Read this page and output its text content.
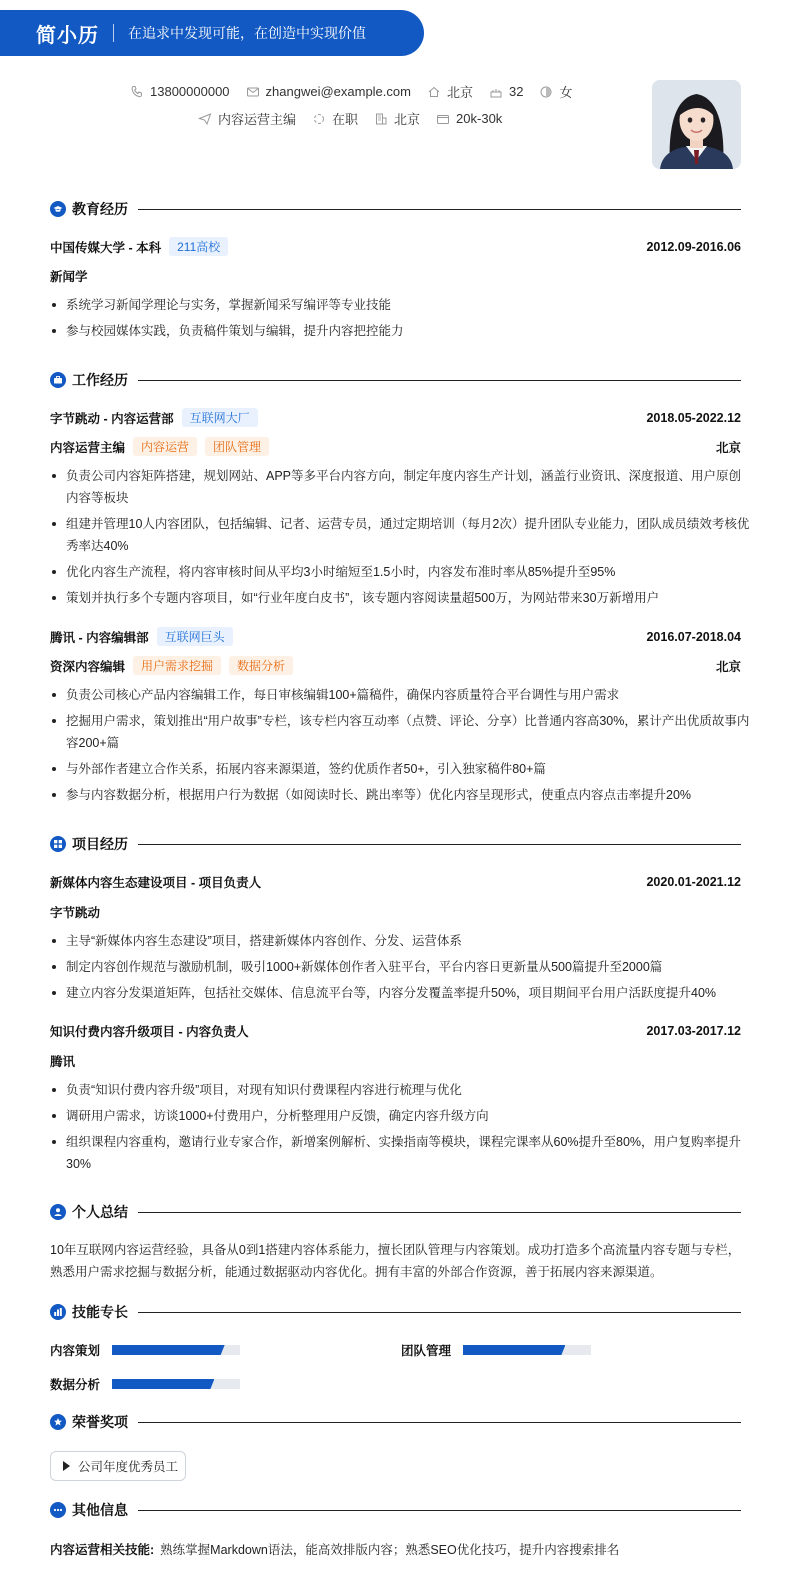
简小历 在追求中发现可能，在创造中实现价值
13800000000	zhangwei@example.com	北京	32	女
内容运营主编	在职	北京	20k-30k
教育经历
中国传媒大学 - 本科	211高校	2012.09-2016.06
新闻学
系统学习新闻学理论与实务，掌握新闻采写编评等专业技能
参与校园媒体实践，负责稿件策划与编辑，提升内容把控能力
工作经历
字节跳动 - 内容运营部	互联网大厂	2018.05-2022.12
内容运营主编	内容运营	团队管理	北京
负责公司内容矩阵搭建，规划网站、APP等多平台内容方向，制定年度内容生产计划，涵盖行业资讯、深度报道、用户原创内容等板块
组建并管理10人内容团队，包括编辑、记者、运营专员，通过定期培训（每月2次）提升团队专业能力，团队成员绩效考核优秀率达40%
优化内容生产流程，将内容审核时间从平均3小时缩短至1.5小时，内容发布准时率从85%提升至95%
策划并执行多个专题内容项目，如“行业年度白皮书”，该专题内容阅读量超500万，为网站带来30万新增用户
腾讯 - 内容编辑部	互联网巨头	2016.07-2018.04
资深内容编辑	用户需求挖掘	数据分析	北京
负责公司核心产品内容编辑工作，每日审核编辑100+篇稿件，确保内容质量符合平台调性与用户需求
挖掘用户需求，策划推出“用户故事”专栏，该专栏内容互动率（点赞、评论、分享）比普通内容高30%，累计产出优质故事内容200+篇
与外部作者建立合作关系，拓展内容来源渠道，签约优质作者50+，引入独家稿件80+篇
参与内容数据分析，根据用户行为数据（如阅读时长、跳出率等）优化内容呈现形式，使重点内容点击率提升20%
项目经历
新媒体内容生态建设项目 - 项目负责人	2020.01-2021.12
字节跳动
主导“新媒体内容生态建设”项目，搭建新媒体内容创作、分发、运营体系
制定内容创作规范与激励机制，吸引1000+新媒体创作者入驻平台，平台内容日更新量从500篇提升至2000篇
建立内容分发渠道矩阵，包括社交媒体、信息流平台等，内容分发覆盖率提升50%，项目期间平台用户活跃度提升40%
知识付费内容升级项目 - 内容负责人	2017.03-2017.12
腾讯
负责“知识付费内容升级”项目，对现有知识付费课程内容进行梳理与优化
调研用户需求，访谈1000+付费用户，分析整理用户反馈，确定内容升级方向
组织课程内容重构，邀请行业专家合作，新增案例解析、实操指南等模块，课程完课率从60%提升至80%，用户复购率提升30%
个人总结
10年互联网内容运营经验，具备从0到1搭建内容体系能力，擅长团队管理与内容策划。成功打造多个高流量内容专题与专栏，熟悉用户需求挖掘与数据分析，能通过数据驱动内容优化。拥有丰富的外部合作资源，善于拓展内容来源渠道。
技能专长
内容策划	团队管理
数据分析
荣誉奖项
公司年度优秀员工
其他信息
内容运营相关技能: 熟练掌握Markdown语法，能高效排版内容；熟悉SEO优化技巧，提升内容搜索排名
